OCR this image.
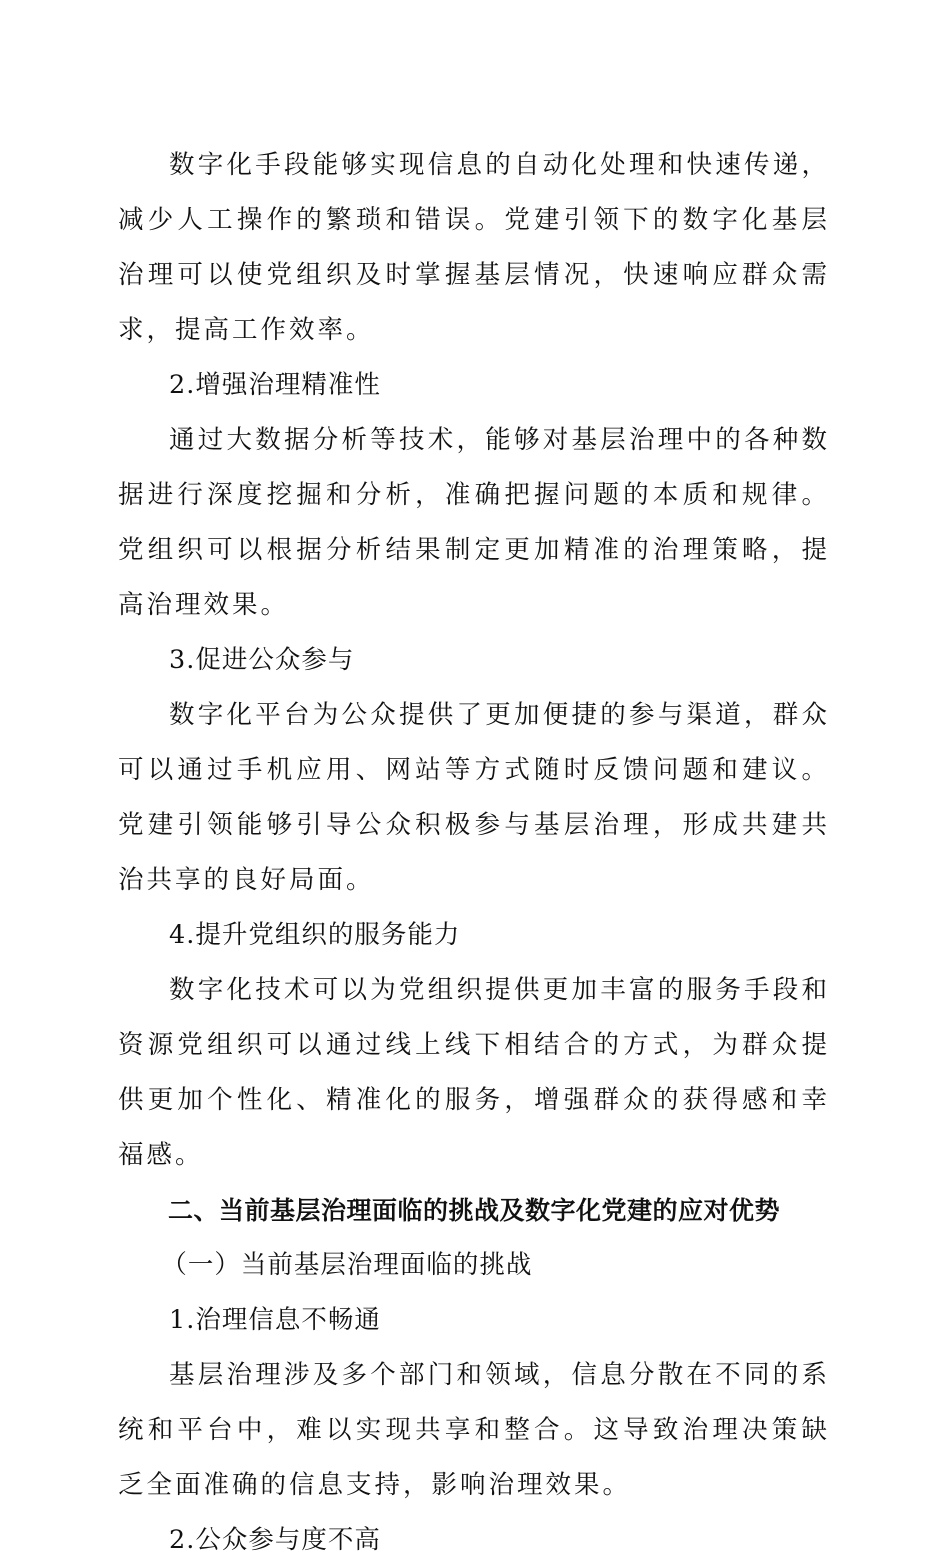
数字化手段能够实现信息的自动化处理和快速传递，减少人工操作的繁琐和错误。党建引领下的数字化基层治理可以使党组织及时掌握基层情况，快速响应群众需求，提高工作效率。

2.增强治理精准性

通过大数据分析等技术，能够对基层治理中的各种数据进行深度挖掘和分析，准确把握问题的本质和规律。党组织可以根据分析结果制定更加精准的治理策略，提高治理效果。

3.促进公众参与

数字化平台为公众提供了更加便捷的参与渠道，群众可以通过手机应用、网站等方式随时反馈问题和建议。党建引领能够引导公众积极参与基层治理，形成共建共治共享的良好局面。

4.提升党组织的服务能力

数字化技术可以为党组织提供更加丰富的服务手段和资源党组织可以通过线上线下相结合的方式，为群众提供更加个性化、精准化的服务，增强群众的获得感和幸福感。

二、当前基层治理面临的挑战及数字化党建的应对优势

（一）当前基层治理面临的挑战

1.治理信息不畅通

基层治理涉及多个部门和领域，信息分散在不同的系统和平台中，难以实现共享和整合。这导致治理决策缺乏全面准确的信息支持，影响治理效果。

2.公众参与度不高
